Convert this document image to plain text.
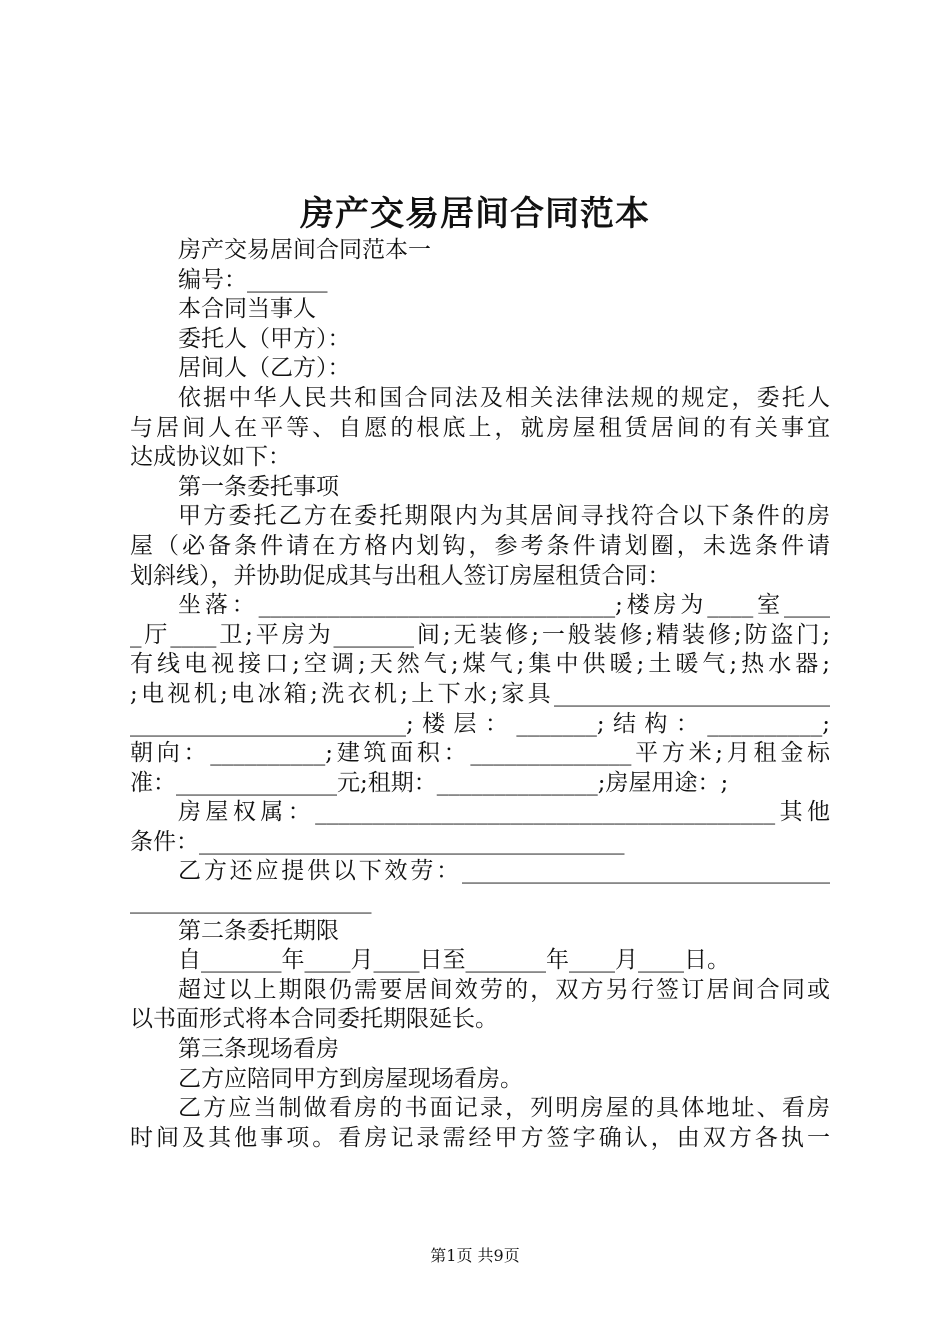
房产交易居间合同范本
房产交易居间合同范本一
编号：_______
本合同当事人
委托人（甲方）：
居间人（乙方）：
依据中华人民共和国合同法及相关法律法规的规定，委托人
与居间人在平等、自愿的根底上，就房屋租赁居间的有关事宜
达成协议如下：
第一条委托事项
甲方委托乙方在委托期限内为其居间寻找符合以下条件的房
屋（必备条件请在方格内划钩，参考条件请划圈，未选条件请
划斜线），并协助促成其与出租人签订房屋租赁合同：
坐落：_______________________________;楼房为____室____
_厅____卫;平房为_______间;无装修;一般装修;精装修;防盗门;
有线电视接口;空调;天然气;煤气;集中供暖;土暖气;热水器;
;电视机;电冰箱;洗衣机;上下水;家具________________________
________________________;楼层：_______;结构：__________;
朝向：__________;建筑面积：______________平方米;月租金标
准：______________元;租期：______________;房屋用途：;
房屋权属：________________________________________其他
条件：_____________________________________
乙方还应提供以下效劳：________________________________
_____________________
第二条委托期限
自_______年____月____日至_______年____月____日。
超过以上期限仍需要居间效劳的，双方另行签订居间合同或
以书面形式将本合同委托期限延长。
第三条现场看房
乙方应陪同甲方到房屋现场看房。
乙方应当制做看房的书面记录，列明房屋的具体地址、看房
时间及其他事项。看房记录需经甲方签字确认，由双方各执一
第1页 共9页
